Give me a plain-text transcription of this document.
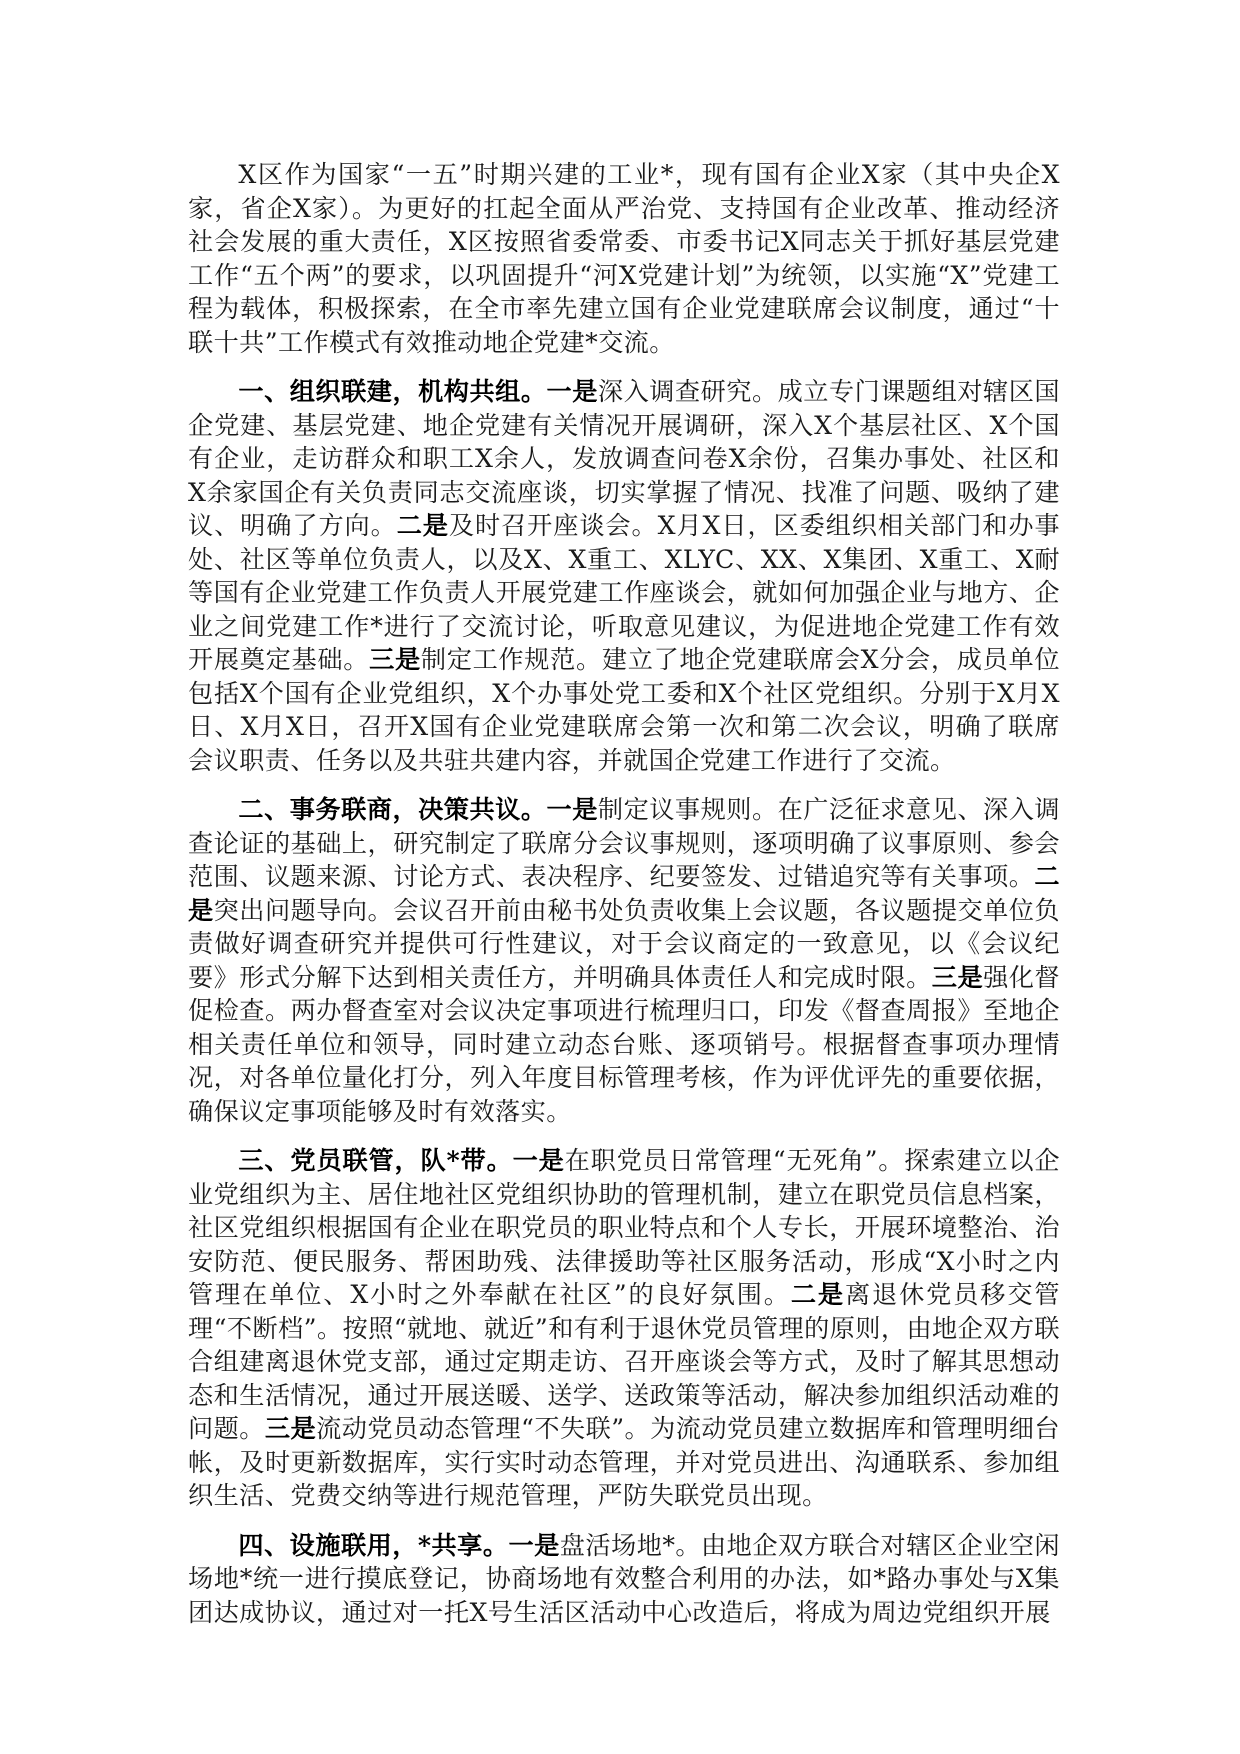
X区作为国家“一五”时期兴建的工业*，现有国有企业X家（其中央企X家，省企X家）。为更好的扛起全面从严治党、支持国有企业改革、推动经济社会发展的重大责任，X区按照省委常委、市委书记X同志关于抓好基层党建工作“五个两”的要求，以巩固提升“河X党建计划”为统领，以实施“X”党建工程为载体，积极探索，在全市率先建立国有企业党建联席会议制度，通过“十联十共”工作模式有效推动地企党建*交流。

一、组织联建，机构共组。一是深入调查研究。成立专门课题组对辖区国企党建、基层党建、地企党建有关情况开展调研，深入X个基层社区、X个国有企业，走访群众和职工X余人，发放调查问卷X余份，召集办事处、社区和X余家国企有关负责同志交流座谈，切实掌握了情况、找准了问题、吸纳了建议、明确了方向。二是及时召开座谈会。X月X日，区委组织相关部门和办事处、社区等单位负责人，以及X、X重工、XLYC、XX、X集团、X重工、X耐等国有企业党建工作负责人开展党建工作座谈会，就如何加强企业与地方、企业之间党建工作*进行了交流讨论，听取意见建议，为促进地企党建工作有效开展奠定基础。三是制定工作规范。建立了地企党建联席会X分会，成员单位包括X个国有企业党组织，X个办事处党工委和X个社区党组织。分别于X月X日、X月X日，召开X国有企业党建联席会第一次和第二次会议，明确了联席会议职责、任务以及共驻共建内容，并就国企党建工作进行了交流。

二、事务联商，决策共议。一是制定议事规则。在广泛征求意见、深入调查论证的基础上，研究制定了联席分会议事规则，逐项明确了议事原则、参会范围、议题来源、讨论方式、表决程序、纪要签发、过错追究等有关事项。二是突出问题导向。会议召开前由秘书处负责收集上会议题，各议题提交单位负责做好调查研究并提供可行性建议，对于会议商定的一致意见，以《会议纪要》形式分解下达到相关责任方，并明确具体责任人和完成时限。三是强化督促检查。两办督查室对会议决定事项进行梳理归口，印发《督查周报》至地企相关责任单位和领导，同时建立动态台账、逐项销号。根据督查事项办理情况，对各单位量化打分，列入年度目标管理考核，作为评优评先的重要依据，确保议定事项能够及时有效落实。

三、党员联管，队*带。一是在职党员日常管理“无死角”。探索建立以企业党组织为主、居住地社区党组织协助的管理机制，建立在职党员信息档案，社区党组织根据国有企业在职党员的职业特点和个人专长，开展环境整治、治安防范、便民服务、帮困助残、法律援助等社区服务活动，形成“X小时之内管理在单位、X小时之外奉献在社区”的良好氛围。二是离退休党员移交管理“不断档”。按照“就地、就近”和有利于退休党员管理的原则，由地企双方联合组建离退休党支部，通过定期走访、召开座谈会等方式，及时了解其思想动态和生活情况，通过开展送暖、送学、送政策等活动，解决参加组织活动难的问题。三是流动党员动态管理“不失联”。为流动党员建立数据库和管理明细台帐，及时更新数据库，实行实时动态管理，并对党员进出、沟通联系、参加组织生活、党费交纳等进行规范管理，严防失联党员出现。

四、设施联用，*共享。一是盘活场地*。由地企双方联合对辖区企业空闲场地*统一进行摸底登记，协商场地有效整合利用的办法，如*路办事处与X集团达成协议，通过对一托X号生活区活动中心改造后，将成为周边党组织开展
